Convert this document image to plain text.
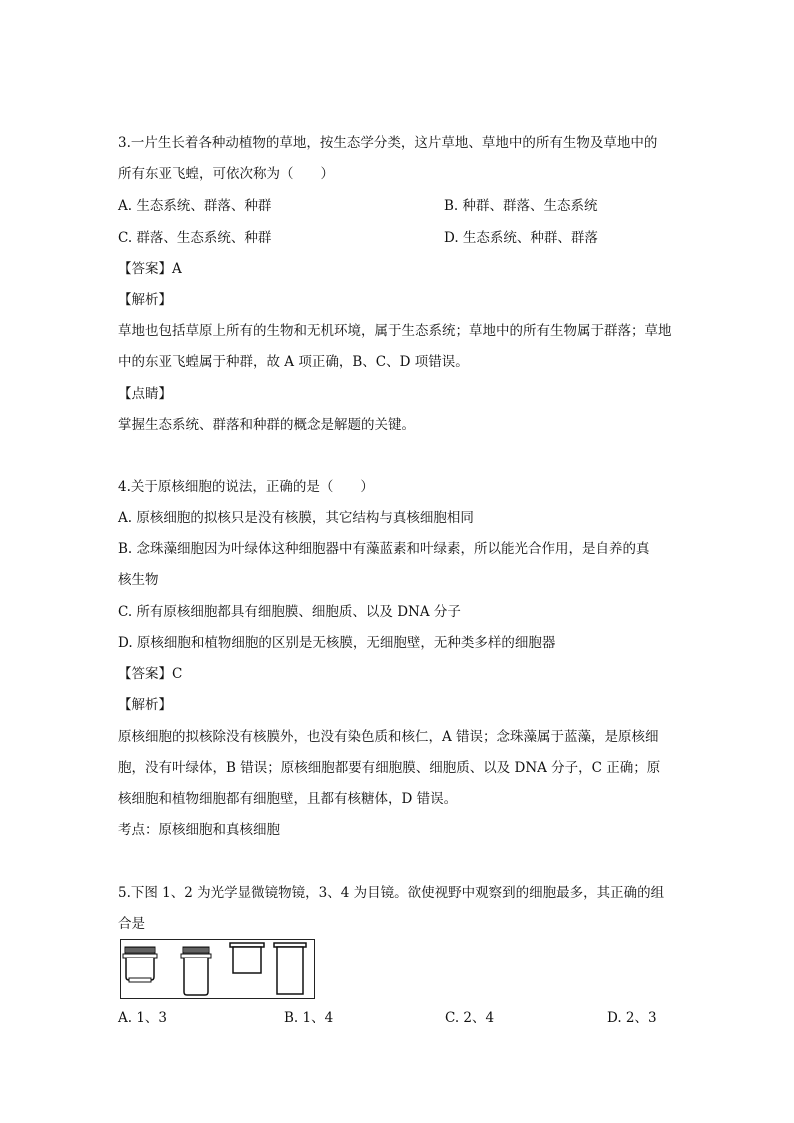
3.一片生长着各种动植物的草地，按生态学分类，这片草地、草地中的所有生物及草地中的
所有东亚飞蝗，可依次称为（　　）
A. 生态系统、群落、种群	B. 种群、群落、生态系统
C. 群落、生态系统、种群	D. 生态系统、种群、群落
【答案】A
【解析】
草地也包括草原上所有的生物和无机环境，属于生态系统；草地中的所有生物属于群落；草地
中的东亚飞蝗属于种群，故 A 项正确，B、C、D 项错误。
【点睛】
掌握生态系统、群落和种群的概念是解题的关键。
4.关于原核细胞的说法，正确的是（　　）
A. 原核细胞的拟核只是没有核膜，其它结构与真核细胞相同
B. 念珠藻细胞因为叶绿体这种细胞器中有藻蓝素和叶绿素，所以能光合作用，是自养的真
核生物
C. 所有原核细胞都具有细胞膜、细胞质、以及 DNA 分子
D. 原核细胞和植物细胞的区别是无核膜，无细胞壁，无种类多样的细胞器
【答案】C
【解析】
原核细胞的拟核除没有核膜外，也没有染色质和核仁，A 错误；念珠藻属于蓝藻，是原核细
胞，没有叶绿体，B 错误；原核细胞都要有细胞膜、细胞质、以及 DNA 分子，C 正确；原
核细胞和植物细胞都有细胞壁，且都有核糖体，D 错误。
考点：原核细胞和真核细胞
5.下图 1、2 为光学显微镜物镜，3、4 为目镜。欲使视野中观察到的细胞最多，其正确的组
合是
A. 1、3	B. 1、4	C. 2、4	D. 2、3
